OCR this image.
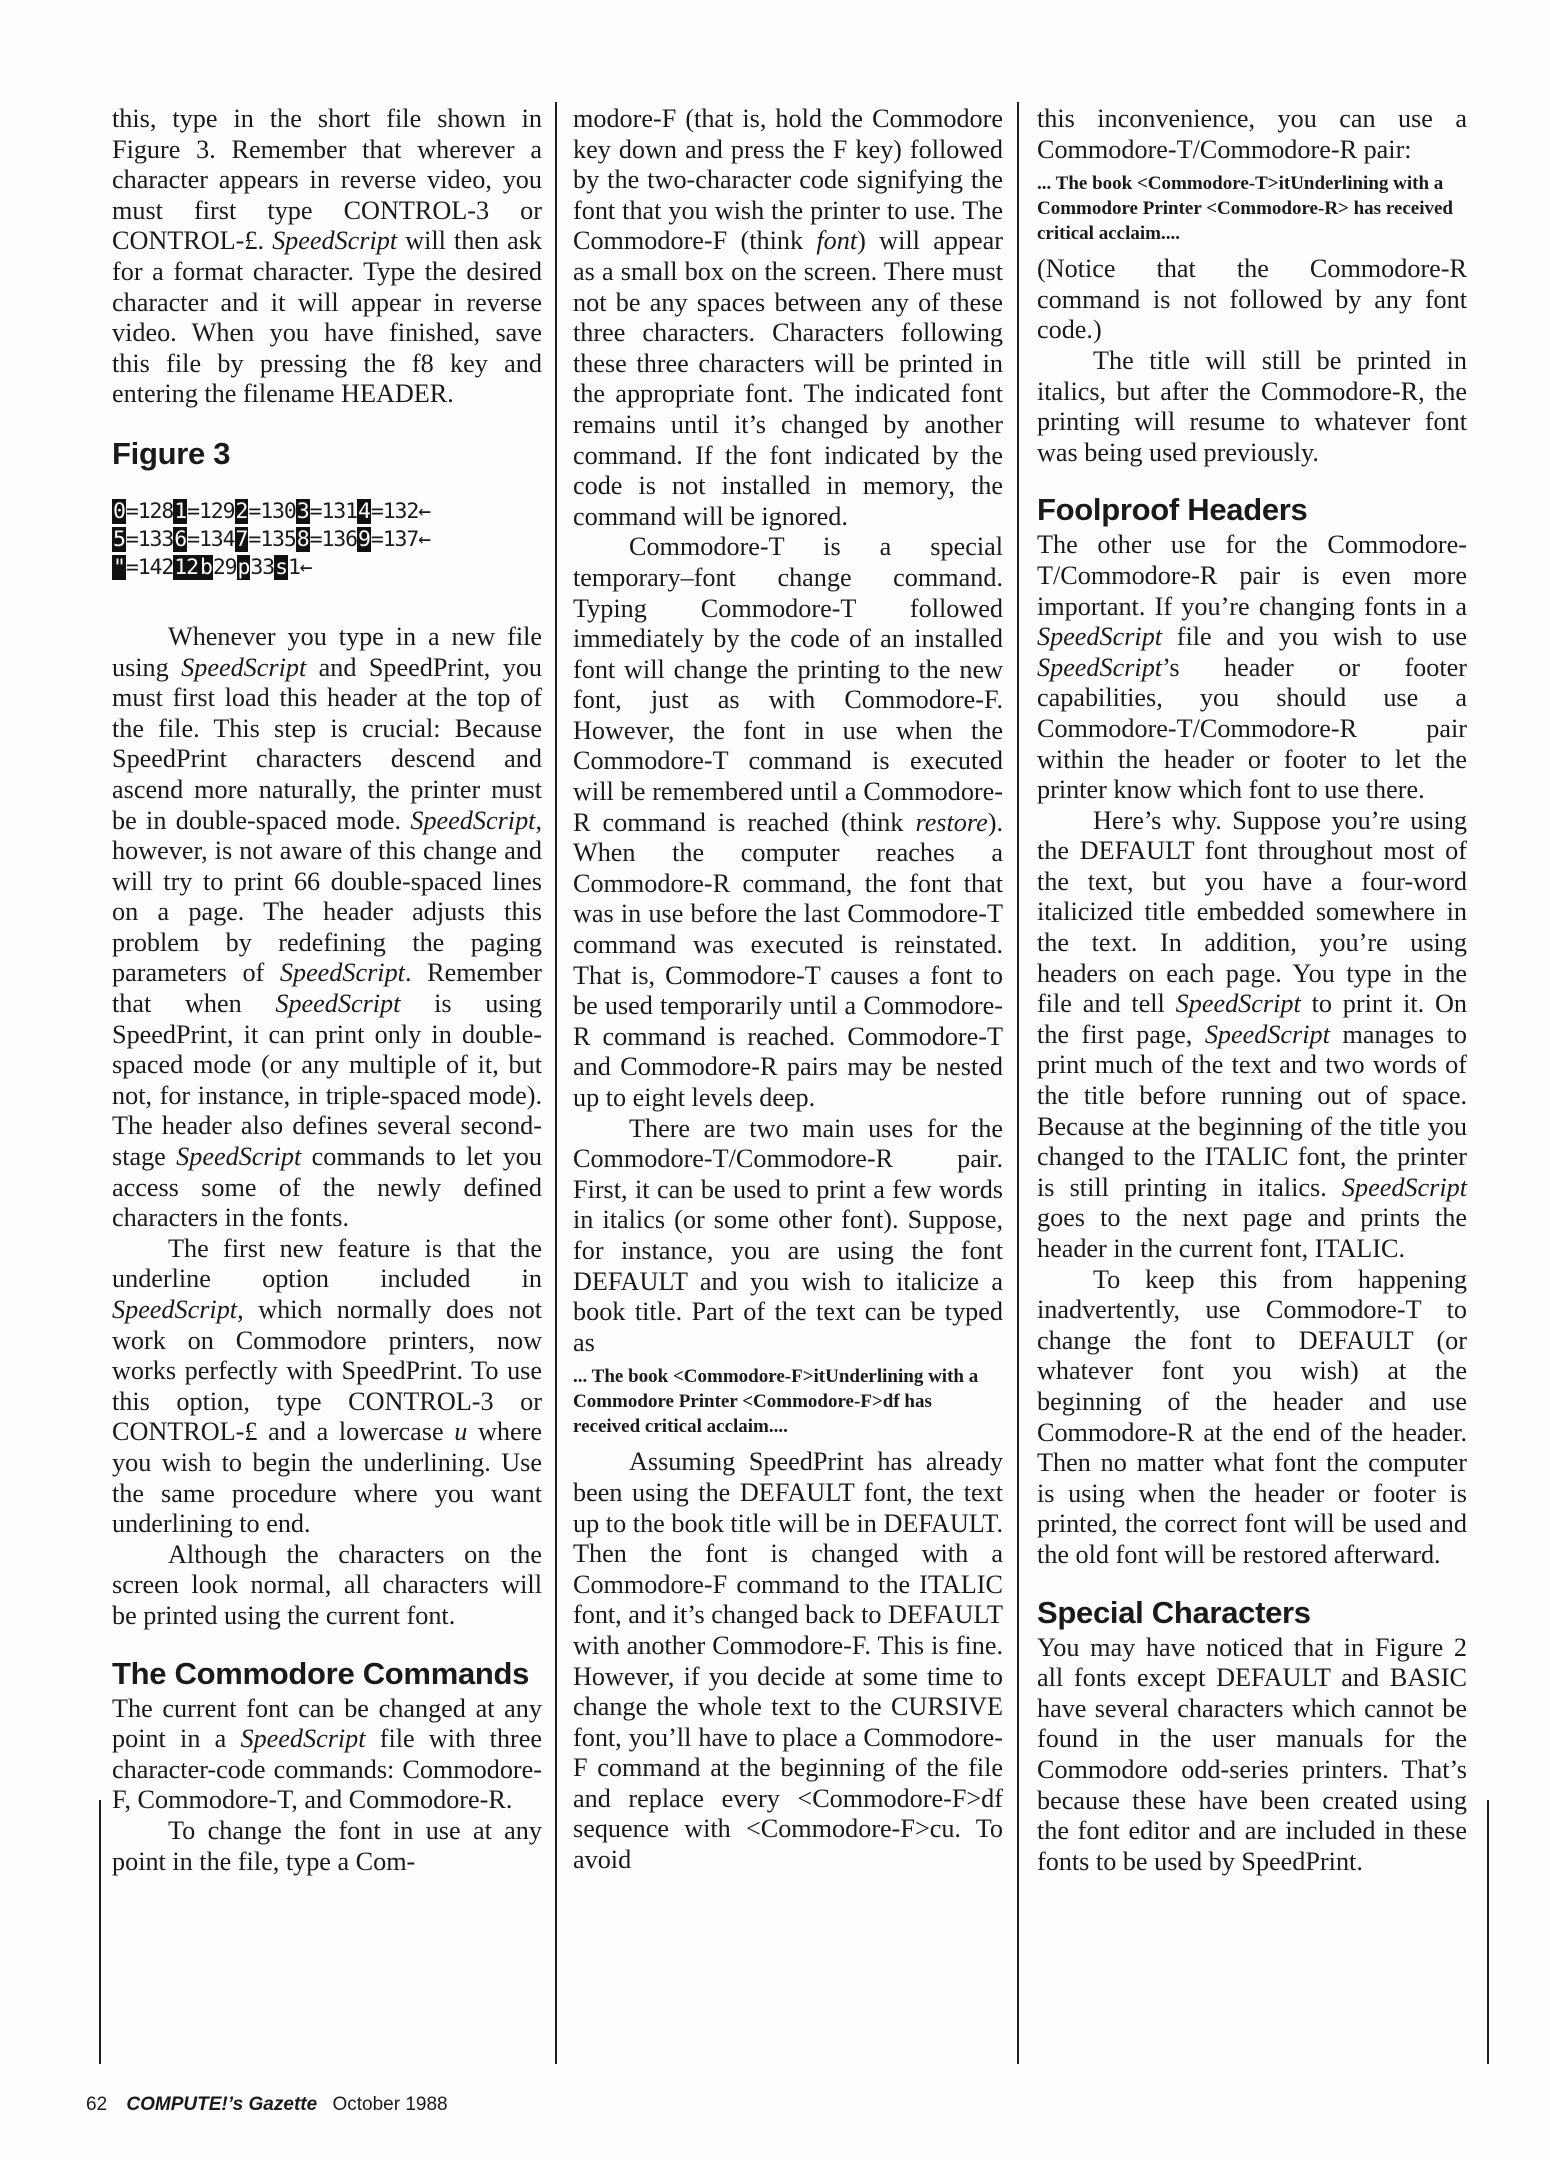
this, type in the short file shown in Figure 3. Remember that wherever a character appears in reverse video, you must first type CONTROL-3 or CONTROL-£. SpeedScript will then ask for a format character. Type the desired character and it will appear in reverse video. When you have finished, save this file by pressing the f8 key and entering the filename HEADER.

Figure 3
0=1281=1292=1303=1314=132←
5=1336=1347=1358=1369=137←
"=14212b29p33s1←

Whenever you type in a new file using SpeedScript and SpeedPrint, you must first load this header at the top of the file. This step is crucial: Because SpeedPrint characters descend and ascend more naturally, the printer must be in double-spaced mode. SpeedScript, however, is not aware of this change and will try to print 66 double-spaced lines on a page. The header adjusts this problem by redefining the paging parameters of SpeedScript. Remember that when SpeedScript is using SpeedPrint, it can print only in double-spaced mode (or any multiple of it, but not, for instance, in triple-spaced mode). The header also defines several second-stage SpeedScript commands to let you access some of the newly defined characters in the fonts.

The first new feature is that the underline option included in SpeedScript, which normally does not work on Commodore printers, now works perfectly with SpeedPrint. To use this option, type CONTROL-3 or CONTROL-£ and a lowercase u where you wish to begin the underlining. Use the same procedure where you want underlining to end.

Although the characters on the screen look normal, all characters will be printed using the current font.

The Commodore Commands

The current font can be changed at any point in a SpeedScript file with three character-code commands: Commodore-F, Commodore-T, and Commodore-R.

To change the font in use at any point in the file, type a Com-

modore-F (that is, hold the Commodore key down and press the F key) followed by the two-character code signifying the font that you wish the printer to use. The Commodore-F (think font) will appear as a small box on the screen. There must not be any spaces between any of these three characters. Characters following these three characters will be printed in the appropriate font. The indicated font remains until it’s changed by another command. If the font indicated by the code is not installed in memory, the command will be ignored.

Commodore-T is a special temporary–font change command. Typing Commodore-T followed immediately by the code of an installed font will change the printing to the new font, just as with Commodore-F. However, the font in use when the Commodore-T command is executed will be remembered until a Commodore-R command is reached (think restore). When the computer reaches a Commodore-R command, the font that was in use before the last Commodore-T command was executed is reinstated. That is, Commodore-T causes a font to be used temporarily until a Commodore-R command is reached. Commodore-T and Commodore-R pairs may be nested up to eight levels deep.

There are two main uses for the Commodore-T/Commodore-R pair. First, it can be used to print a few words in italics (or some other font). Suppose, for instance, you are using the font DEFAULT and you wish to italicize a book title. Part of the text can be typed as

... The book <Commodore-F>itUnderlining with a Commodore Printer <Commodore-F>df has received critical acclaim....

Assuming SpeedPrint has already been using the DEFAULT font, the text up to the book title will be in DEFAULT. Then the font is changed with a Commodore-F command to the ITALIC font, and it’s changed back to DEFAULT with another Commodore-F. This is fine. However, if you decide at some time to change the whole text to the CURSIVE font, you’ll have to place a Commodore-F command at the beginning of the file and replace every <Commodore-F>df sequence with <Commodore-F>cu. To avoid

this inconvenience, you can use a Commodore-T/Commodore-R pair:

... The book <Commodore-T>itUnderlining with a Commodore Printer <Commodore-R> has received critical acclaim....

(Notice that the Commodore-R command is not followed by any font code.)

The title will still be printed in italics, but after the Commodore-R, the printing will resume to whatever font was being used previously.

Foolproof Headers

The other use for the Commodore-T/Commodore-R pair is even more important. If you’re changing fonts in a SpeedScript file and you wish to use SpeedScript’s header or footer capabilities, you should use a Commodore-T/Commodore-R pair within the header or footer to let the printer know which font to use there.

Here’s why. Suppose you’re using the DEFAULT font throughout most of the text, but you have a four-word italicized title embedded somewhere in the text. In addition, you’re using headers on each page. You type in the file and tell SpeedScript to print it. On the first page, SpeedScript manages to print much of the text and two words of the title before running out of space. Because at the beginning of the title you changed to the ITALIC font, the printer is still printing in italics. SpeedScript goes to the next page and prints the header in the current font, ITALIC.

To keep this from happening inadvertently, use Commodore-T to change the font to DEFAULT (or whatever font you wish) at the beginning of the header and use Commodore-R at the end of the header. Then no matter what font the computer is using when the header or footer is printed, the correct font will be used and the old font will be restored afterward.

Special Characters

You may have noticed that in Figure 2 all fonts except DEFAULT and BASIC have several characters which cannot be found in the user manuals for the Commodore odd-series printers. That’s because these have been created using the font editor and are included in these fonts to be used by SpeedPrint.

62 COMPUTE!’s Gazette October 1988
